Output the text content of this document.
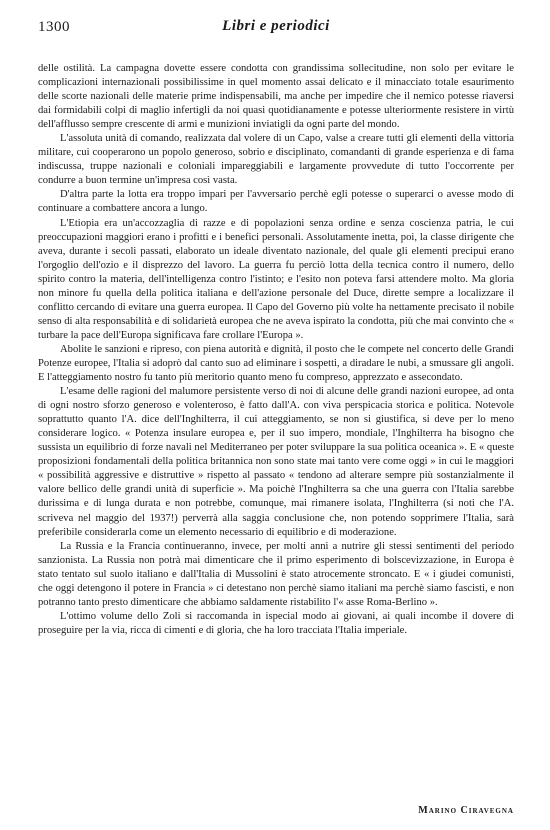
1300	Libri e periodici

delle ostilità. La campagna dovette essere condotta con grandissima sollecitudine, non solo per evitare le complicazioni internazionali possibilissime in quel momento assai delicato e il minacciato totale esaurimento delle scorte nazionali delle materie prime indispensabili, ma anche per impedire che il nemico potesse riaversi dai formidabili colpi di maglio infertigli da noi quasi quotidianamente e potesse ulteriormente resistere in virtù dell'afflusso sempre crescente di armi e munizioni inviatigli da ogni parte del mondo.

L'assoluta unità di comando, realizzata dal volere di un Capo, valse a creare tutti gli elementi della vittoria militare, cui cooperarono un popolo generoso, sobrio e disciplinato, comandanti di grande esperienza e di fama indiscussa, truppe nazionali e coloniali impareggiabili e largamente provvedute di tutto l'occorrente per condurre a buon termine un'impresa così vasta.

D'altra parte la lotta era troppo impari per l'avversario perchè egli potesse o superarci o avesse modo di continuare a combattere ancora a lungo.

L'Etiopia era un'accozzaglia di razze e di popolazioni senza ordine e senza coscienza patria, le cui preoccupazioni maggiori erano i profitti e i benefici personali. Assolutamente inetta, poi, la classe dirigente che aveva, durante i secoli passati, elaborato un ideale diventato nazionale, del quale gli elementi precipui erano l'orgoglio dell'ozio e il disprezzo del lavoro. La guerra fu perciò lotta della tecnica contro il numero, dello spirito contro la materia, dell'intelligenza contro l'istinto; e l'esito non poteva farsi attendere molto. Ma gloria non minore fu quella della politica italiana e dell'azione personale del Duce, dirette sempre a localizzare il conflitto cercando di evitare una guerra europea. Il Capo del Governo più volte ha nettamente precisato il nobile senso di alta responsabilità e di solidarietà europea che ne aveva ispirato la condotta, più che mai convinto che « turbare la pace dell'Europa significava fare crollare l'Europa ».

Abolite le sanzioni e ripreso, con piena autorità e dignità, il posto che le compete nel concerto delle Grandi Potenze europee, l'Italia si adoprò dal canto suo ad eliminare i sospetti, a diradare le nubi, a smussare gli angoli. E l'atteggiamento nostro fu tanto più meritorio quanto meno fu compreso, apprezzato e assecondato.

L'esame delle ragioni del malumore persistente verso di noi di alcune delle grandi nazioni europee, ad onta di ogni nostro sforzo generoso e volenteroso, è fatto dall'A. con viva perspicacia storica e politica. Notevole soprattutto quanto l'A. dice dell'Inghilterra, il cui atteggiamento, se non si giustifica, si deve per lo meno considerare logico. « Potenza insulare europea e, per il suo impero, mondiale, l'Inghilterra ha bisogno che sussista un equilibrio di forze navali nel Mediterraneo per poter sviluppare la sua politica oceanica ». E « queste proposizioni fondamentali della politica britannica non sono state mai tanto vere come oggi » in cui le maggiori « possibilità aggressive e distruttive » rispetto al passato « tendono ad alterare sempre più sostanzialmente il valore bellico delle grandi unità di superficie ». Ma poichè l'Inghilterra sa che una guerra con l'Italia sarebbe durissima e di lunga durata e non potrebbe, comunque, mai rimanere isolata, l'Inghilterra (si noti che l'A. scriveva nel maggio del 1937!) perverrà alla saggia conclusione che, non potendo sopprimere l'Italia, sarà preferibile considerarla come un elemento necessario di equilibrio e di moderazione.

La Russia e la Francia continueranno, invece, per molti anni a nutrire gli stessi sentimenti del periodo sanzionista. La Russia non potrà mai dimenticare che il primo esperimento di bolscevizzazione, in Europa è stato tentato sul suolo italiano e dall'Italia di Mussolini è stato atrocemente stroncato. E « i giudei comunisti, che oggi detengono il potere in Francia » ci detestano non perchè siamo italiani ma perchè siamo fascisti, e non potranno tanto presto dimenticare che abbiamo saldamente ristabilito l'« asse Roma-Berlino ».

L'ottimo volume dello Zoli si raccomanda in ispecial modo ai giovani, ai quali incombe il dovere di proseguire per la via, ricca di cimenti e di gloria, che ha loro tracciata l'Italia imperiale.

Marino Ciravegna
